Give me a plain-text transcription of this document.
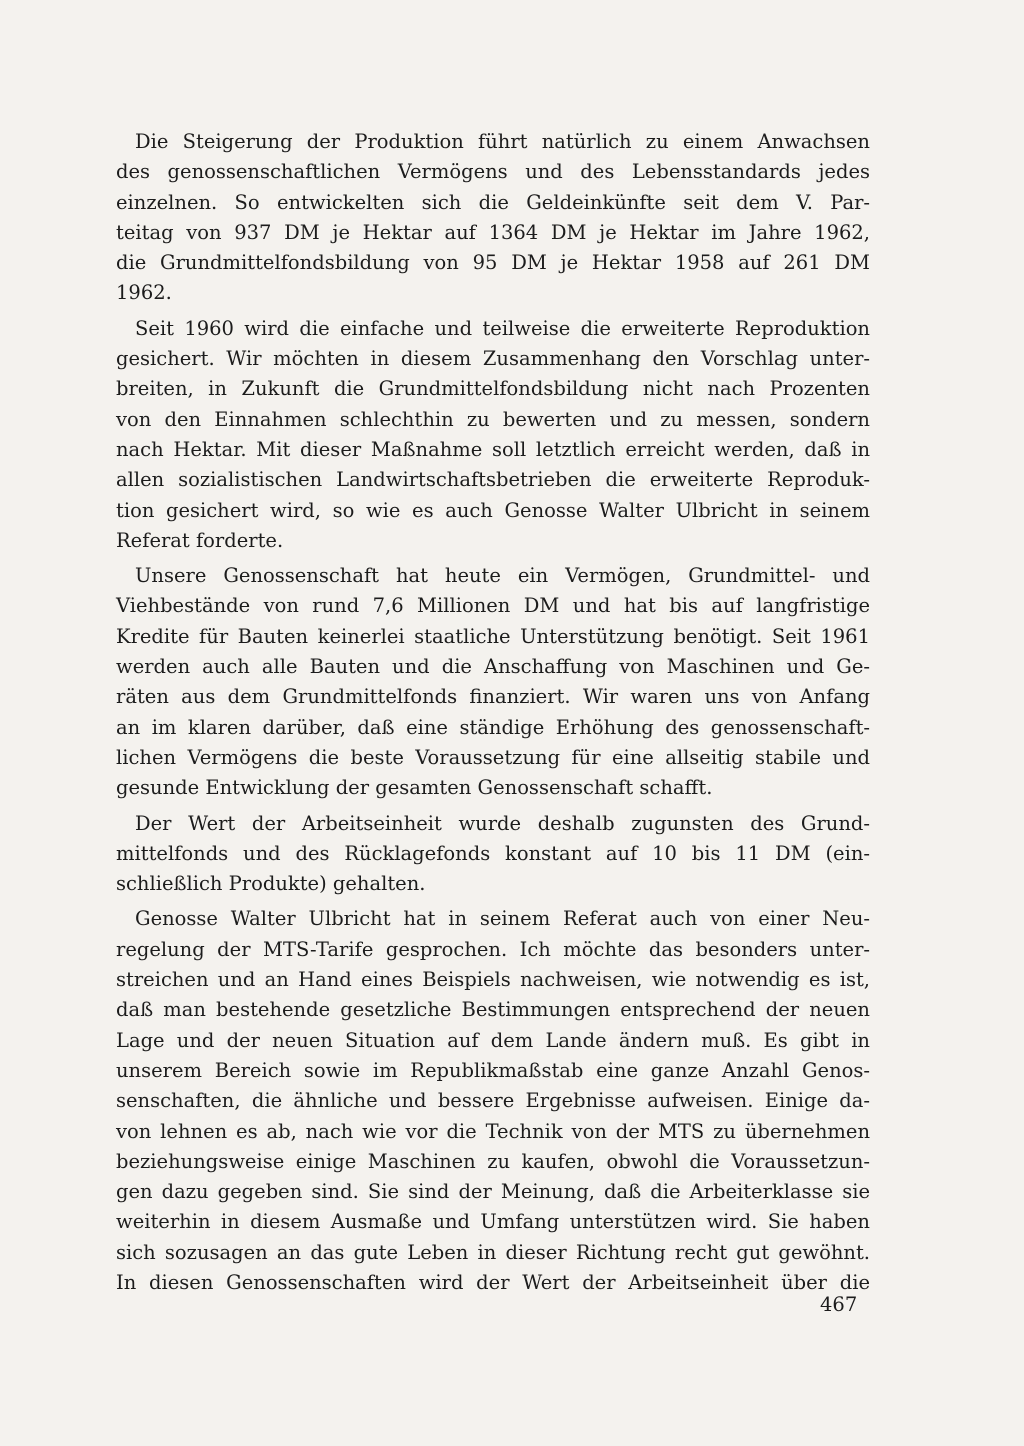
Die Steigerung der Produktion führt natürlich zu einem Anwachsen
des genossenschaftlichen Vermögens und des Lebensstandards jedes
einzelnen. So entwickelten sich die Geldeinkünfte seit dem V. Par-
teitag von 937 DM je Hektar auf 1364 DM je Hektar im Jahre 1962,
die Grundmittelfondsbildung von 95 DM je Hektar 1958 auf 261 DM
1962.

Seit 1960 wird die einfache und teilweise die erweiterte Reproduktion
gesichert. Wir möchten in diesem Zusammenhang den Vorschlag unter-
breiten, in Zukunft die Grundmittelfondsbildung nicht nach Prozenten
von den Einnahmen schlechthin zu bewerten und zu messen, sondern
nach Hektar. Mit dieser Maßnahme soll letztlich erreicht werden, daß in
allen sozialistischen Landwirtschaftsbetrieben die erweiterte Reproduk-
tion gesichert wird, so wie es auch Genosse Walter Ulbricht in seinem
Referat forderte.

Unsere Genossenschaft hat heute ein Vermögen, Grundmittel- und
Viehbestände von rund 7,6 Millionen DM und hat bis auf langfristige
Kredite für Bauten keinerlei staatliche Unterstützung benötigt. Seit 1961
werden auch alle Bauten und die Anschaffung von Maschinen und Ge-
räten aus dem Grundmittelfonds finanziert. Wir waren uns von Anfang
an im klaren darüber, daß eine ständige Erhöhung des genossenschaft-
lichen Vermögens die beste Voraussetzung für eine allseitig stabile und
gesunde Entwicklung der gesamten Genossenschaft schafft.

Der Wert der Arbeitseinheit wurde deshalb zugunsten des Grund-
mittelfonds und des Rücklagefonds konstant auf 10 bis 11 DM (ein-
schließlich Produkte) gehalten.

Genosse Walter Ulbricht hat in seinem Referat auch von einer Neu-
regelung der MTS-Tarife gesprochen. Ich möchte das besonders unter-
streichen und an Hand eines Beispiels nachweisen, wie notwendig es ist,
daß man bestehende gesetzliche Bestimmungen entsprechend der neuen
Lage und der neuen Situation auf dem Lande ändern muß. Es gibt in
unserem Bereich sowie im Republikmaßstab eine ganze Anzahl Genos-
senschaften, die ähnliche und bessere Ergebnisse aufweisen. Einige da-
von lehnen es ab, nach wie vor die Technik von der MTS zu übernehmen
beziehungsweise einige Maschinen zu kaufen, obwohl die Voraussetzun-
gen dazu gegeben sind. Sie sind der Meinung, daß die Arbeiterklasse sie
weiterhin in diesem Ausmaße und Umfang unterstützen wird. Sie haben
sich sozusagen an das gute Leben in dieser Richtung recht gut gewöhnt.
In diesen Genossenschaften wird der Wert der Arbeitseinheit über die

467
